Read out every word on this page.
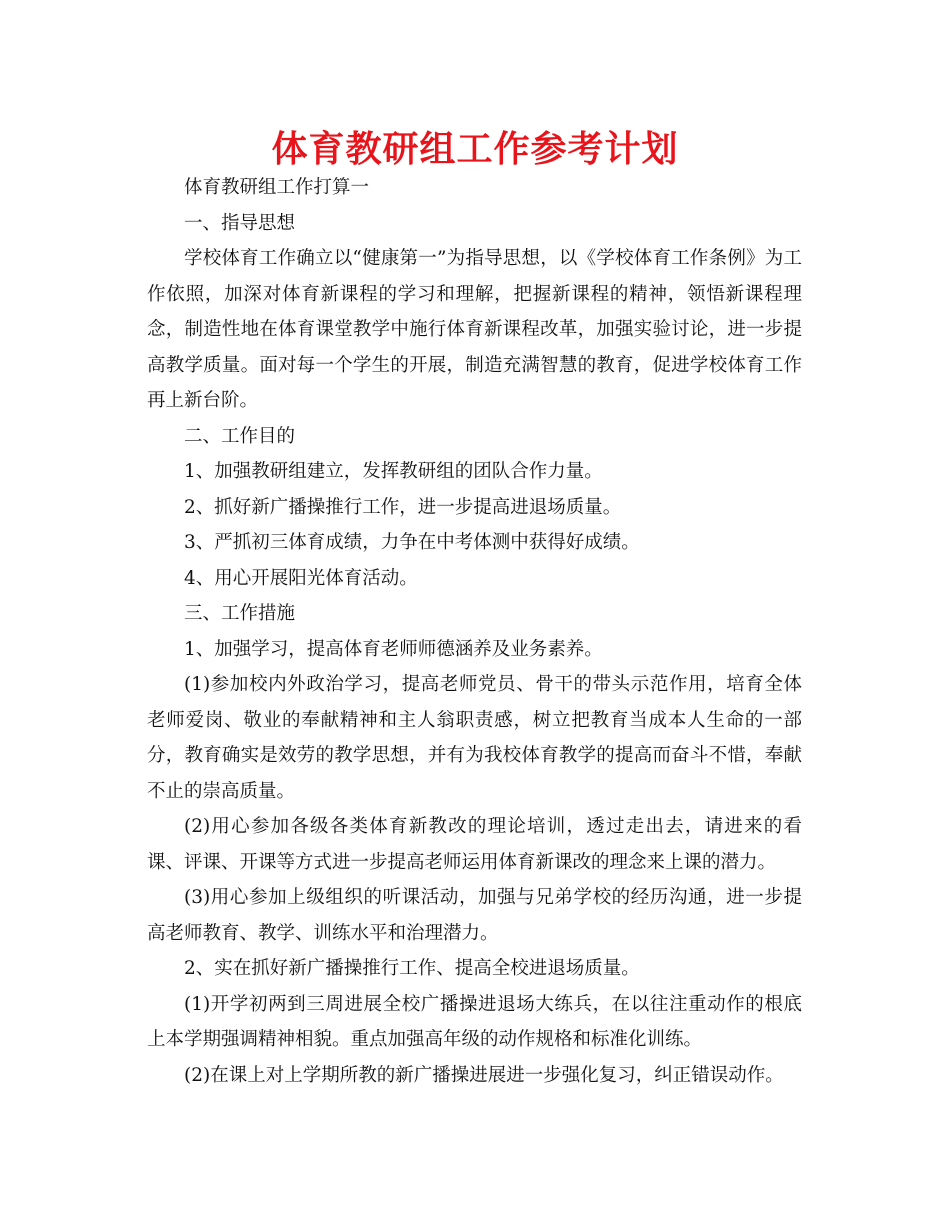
体育教研组工作参考计划

体育教研组工作打算一

一、指导思想

学校体育工作确立以“健康第一”为指导思想，以《学校体育工作条例》为工作依照，加深对体育新课程的学习和理解，把握新课程的精神，领悟新课程理念，制造性地在体育课堂教学中施行体育新课程改革，加强实验讨论，进一步提高教学质量。面对每一个学生的开展，制造充满智慧的教育，促进学校体育工作再上新台阶。

二、工作目的

1、加强教研组建立，发挥教研组的团队合作力量。

2、抓好新广播操推行工作，进一步提高进退场质量。

3、严抓初三体育成绩，力争在中考体测中获得好成绩。

4、用心开展阳光体育活动。

三、工作措施

1、加强学习，提高体育老师师德涵养及业务素养。

(1)参加校内外政治学习，提高老师党员、骨干的带头示范作用，培育全体老师爱岗、敬业的奉献精神和主人翁职责感，树立把教育当成本人生命的一部分，教育确实是效劳的教学思想，并有为我校体育教学的提高而奋斗不惜，奉献不止的崇高质量。

(2)用心参加各级各类体育新教改的理论培训，透过走出去，请进来的看课、评课、开课等方式进一步提高老师运用体育新课改的理念来上课的潜力。

(3)用心参加上级组织的听课活动，加强与兄弟学校的经历沟通，进一步提高老师教育、教学、训练水平和治理潜力。

2、实在抓好新广播操推行工作、提高全校进退场质量。

(1)开学初两到三周进展全校广播操进退场大练兵，在以往注重动作的根底上本学期强调精神相貌。重点加强高年级的动作规格和标准化训练。

(2)在课上对上学期所教的新广播操进展进一步强化复习，纠正错误动作。
